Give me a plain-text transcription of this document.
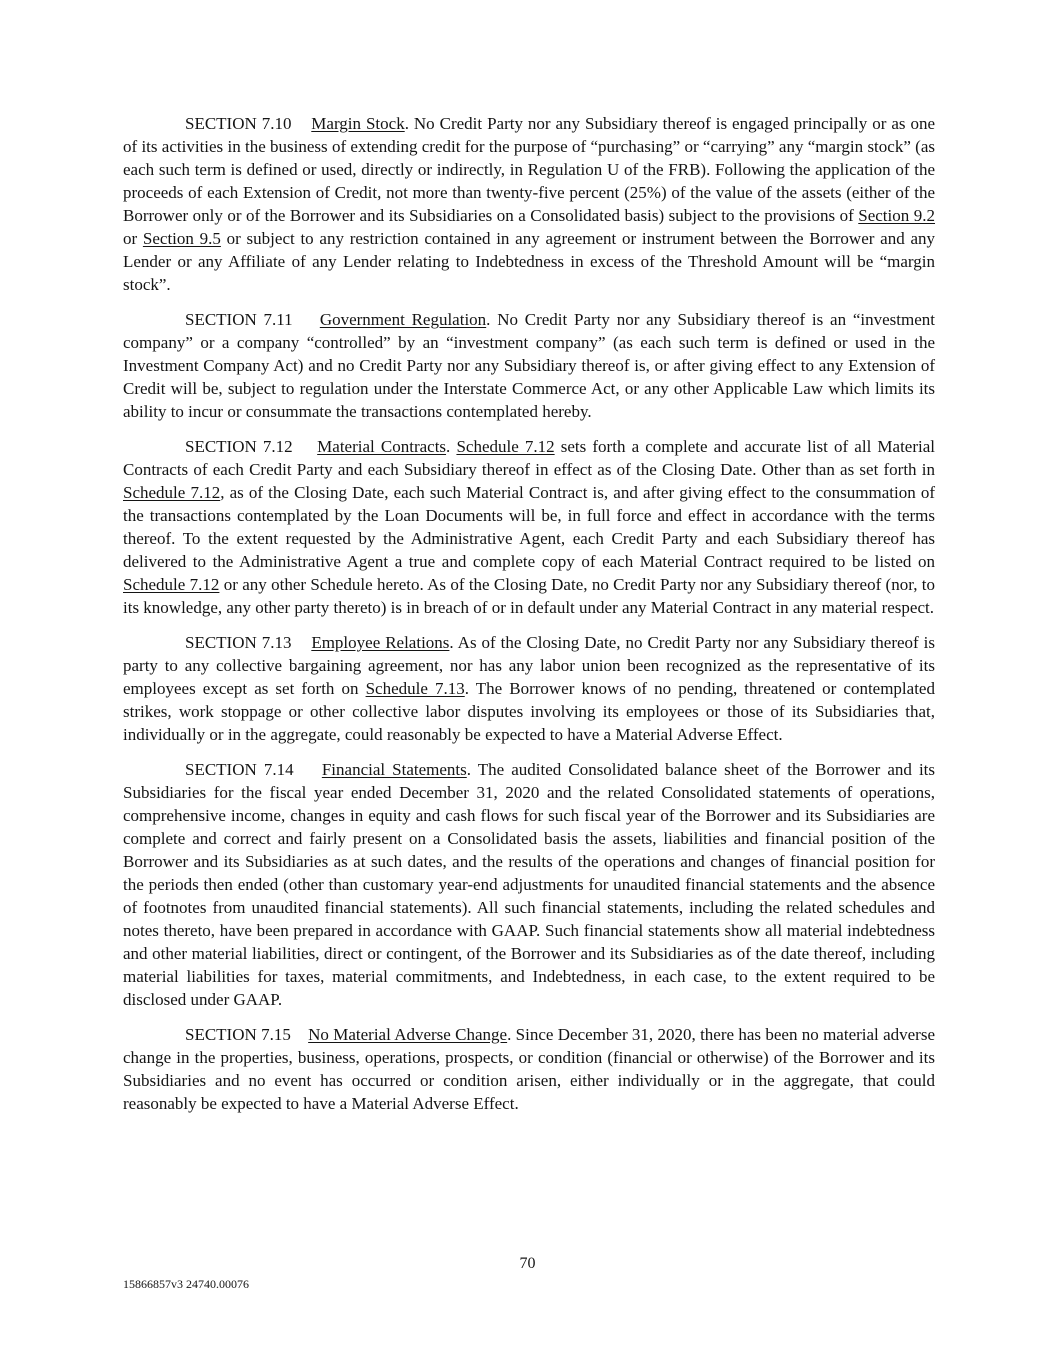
SECTION 7.10    Margin Stock. No Credit Party nor any Subsidiary thereof is engaged principally or as one of its activities in the business of extending credit for the purpose of “purchasing” or “carrying” any “margin stock” (as each such term is defined or used, directly or indirectly, in Regulation U of the FRB). Following the application of the proceeds of each Extension of Credit, not more than twenty-five percent (25%) of the value of the assets (either of the Borrower only or of the Borrower and its Subsidiaries on a Consolidated basis) subject to the provisions of Section 9.2 or Section 9.5 or subject to any restriction contained in any agreement or instrument between the Borrower and any Lender or any Affiliate of any Lender relating to Indebtedness in excess of the Threshold Amount will be “margin stock”.

SECTION 7.11    Government Regulation. No Credit Party nor any Subsidiary thereof is an “investment company” or a company “controlled” by an “investment company” (as each such term is defined or used in the Investment Company Act) and no Credit Party nor any Subsidiary thereof is, or after giving effect to any Extension of Credit will be, subject to regulation under the Interstate Commerce Act, or any other Applicable Law which limits its ability to incur or consummate the transactions contemplated hereby.

SECTION 7.12    Material Contracts. Schedule 7.12 sets forth a complete and accurate list of all Material Contracts of each Credit Party and each Subsidiary thereof in effect as of the Closing Date. Other than as set forth in Schedule 7.12, as of the Closing Date, each such Material Contract is, and after giving effect to the consummation of the transactions contemplated by the Loan Documents will be, in full force and effect in accordance with the terms thereof. To the extent requested by the Administrative Agent, each Credit Party and each Subsidiary thereof has delivered to the Administrative Agent a true and complete copy of each Material Contract required to be listed on Schedule 7.12 or any other Schedule hereto. As of the Closing Date, no Credit Party nor any Subsidiary thereof (nor, to its knowledge, any other party thereto) is in breach of or in default under any Material Contract in any material respect.

SECTION 7.13    Employee Relations. As of the Closing Date, no Credit Party nor any Subsidiary thereof is party to any collective bargaining agreement, nor has any labor union been recognized as the representative of its employees except as set forth on Schedule 7.13. The Borrower knows of no pending, threatened or contemplated strikes, work stoppage or other collective labor disputes involving its employees or those of its Subsidiaries that, individually or in the aggregate, could reasonably be expected to have a Material Adverse Effect.

SECTION 7.14    Financial Statements. The audited Consolidated balance sheet of the Borrower and its Subsidiaries for the fiscal year ended December 31, 2020 and the related Consolidated statements of operations, comprehensive income, changes in equity and cash flows for such fiscal year of the Borrower and its Subsidiaries are complete and correct and fairly present on a Consolidated basis the assets, liabilities and financial position of the Borrower and its Subsidiaries as at such dates, and the results of the operations and changes of financial position for the periods then ended (other than customary year-end adjustments for unaudited financial statements and the absence of footnotes from unaudited financial statements). All such financial statements, including the related schedules and notes thereto, have been prepared in accordance with GAAP. Such financial statements show all material indebtedness and other material liabilities, direct or contingent, of the Borrower and its Subsidiaries as of the date thereof, including material liabilities for taxes, material commitments, and Indebtedness, in each case, to the extent required to be disclosed under GAAP.

SECTION 7.15    No Material Adverse Change. Since December 31, 2020, there has been no material adverse change in the properties, business, operations, prospects, or condition (financial or otherwise) of the Borrower and its Subsidiaries and no event has occurred or condition arisen, either individually or in the aggregate, that could reasonably be expected to have a Material Adverse Effect.

70
15866857v3 24740.00076
